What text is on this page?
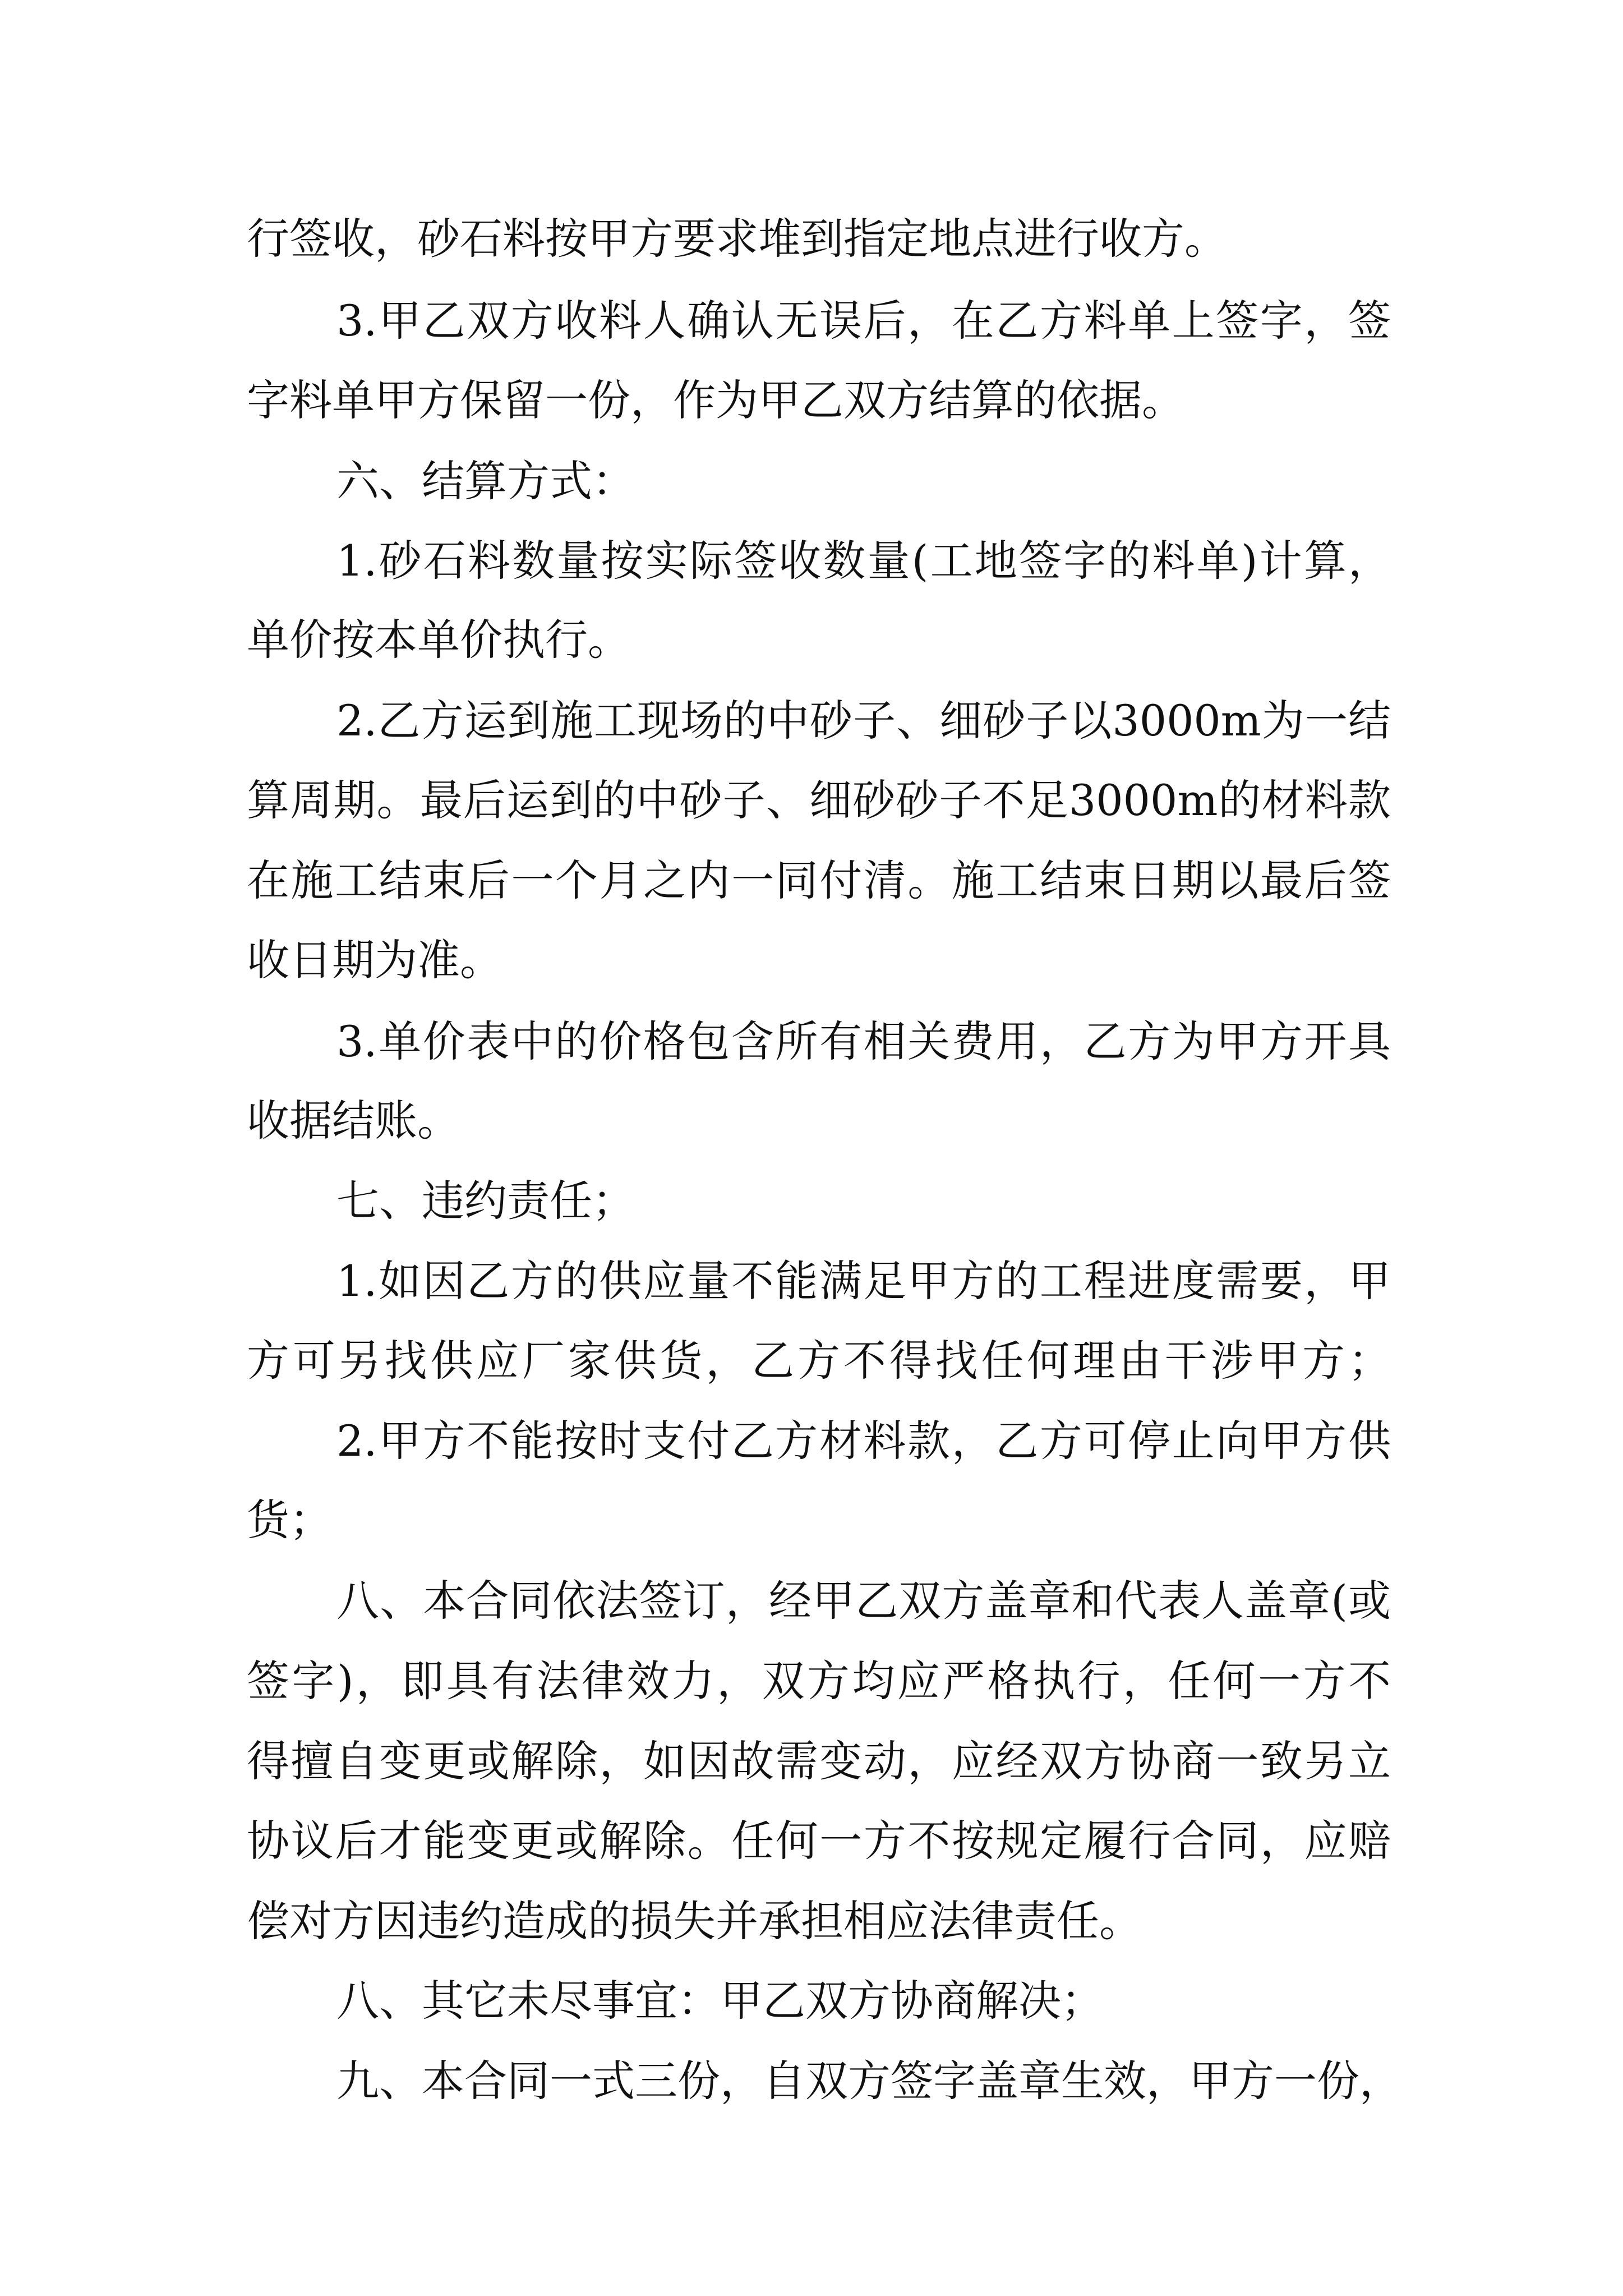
行签收，砂石料按甲方要求堆到指定地点进行收方。
3.甲乙双方收料人确认无误后，在乙方料单上签字，签
字料单甲方保留一份，作为甲乙双方结算的依据。
六、结算方式：
1.砂石料数量按实际签收数量(工地签字的料单)计算，
单价按本单价执行。
2.乙方运到施工现场的中砂子、细砂子以3000m为一结
算周期。最后运到的中砂子、细砂砂子不足3000m的材料款
在施工结束后一个月之内一同付清。施工结束日期以最后签
收日期为准。
3.单价表中的价格包含所有相关费用，乙方为甲方开具
收据结账。
七、违约责任；
1.如因乙方的供应量不能满足甲方的工程进度需要，甲
方可另找供应厂家供货，乙方不得找任何理由干涉甲方；
2.甲方不能按时支付乙方材料款，乙方可停止向甲方供
货；
八、本合同依法签订，经甲乙双方盖章和代表人盖章(或
签字)，即具有法律效力，双方均应严格执行，任何一方不
得擅自变更或解除，如因故需变动，应经双方协商一致另立
协议后才能变更或解除。任何一方不按规定履行合同，应赔
偿对方因违约造成的损失并承担相应法律责任。
八、其它未尽事宜：甲乙双方协商解决；
九、本合同一式三份，自双方签字盖章生效，甲方一份，
